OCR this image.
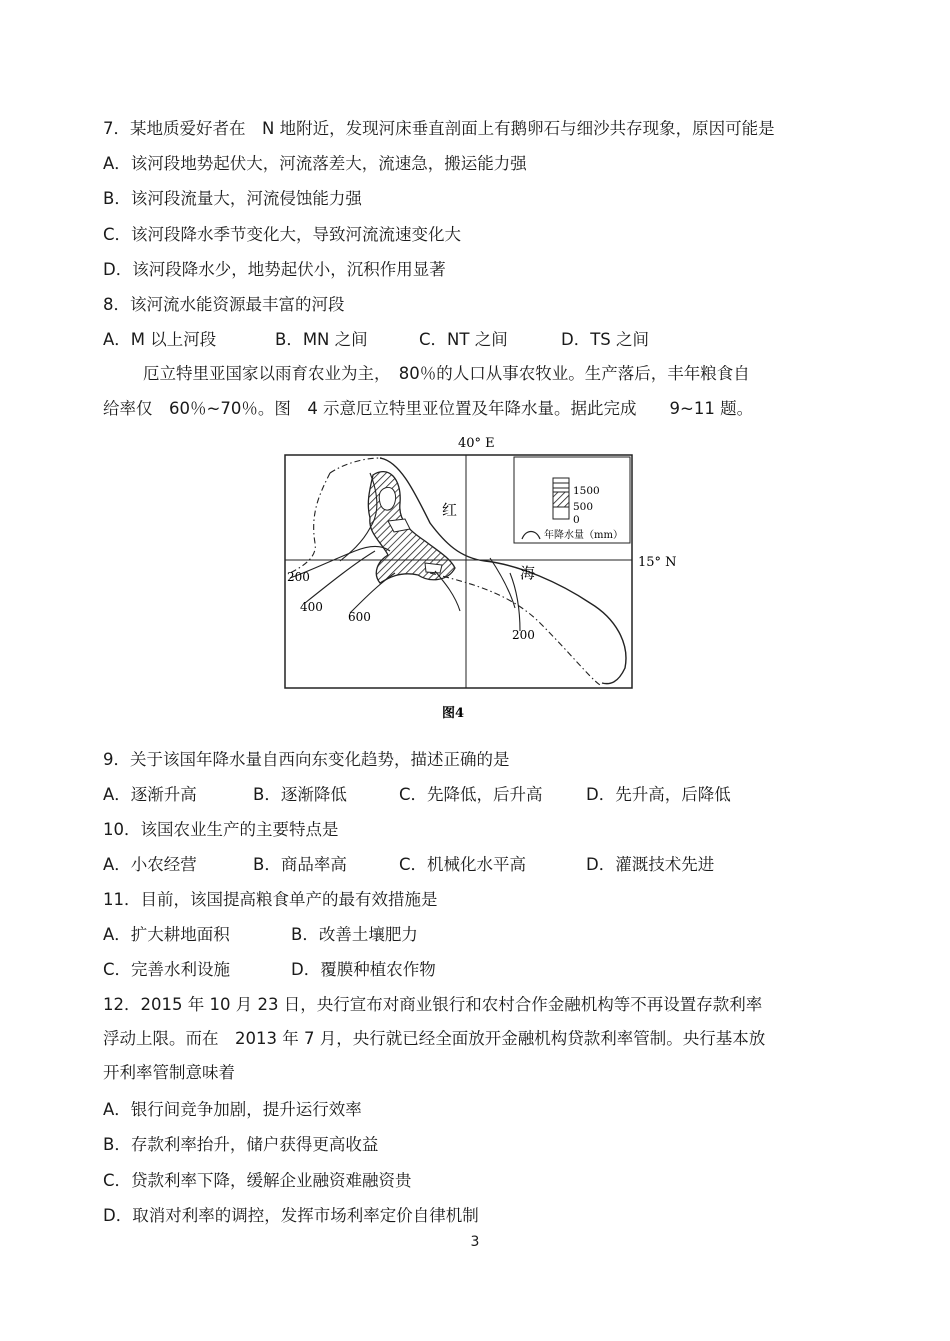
7．某地质爱好者在　N 地附近，发现河床垂直剖面上有鹅卵石与细沙共存现象，原因可能是
A．该河段地势起伏大，河流落差大，流速急，搬运能力强
B．该河段流量大，河流侵蚀能力强
C．该河段降水季节变化大，导致河流流速变化大
D．该河段降水少，地势起伏小，沉积作用显著
8．该河流水能资源最丰富的河段
A．M 以上河段	B．MN 之间	C．NT 之间	D．TS 之间
厄立特里亚国家以雨育农业为主，　80％的人口从事农牧业。生产落后，丰年粮食自
给率仅　60％~70％。图　4 示意厄立特里亚位置及年降水量。据此完成　　9~11 题。
40° E
15° N
200
400
600
200
红
海
1500
500
0
年降水量（mm）
图4
9．关于该国年降水量自西向东变化趋势，描述正确的是
A．逐渐升高	B．逐渐降低	C．先降低，后升高	D．先升高，后降低
10．该国农业生产的主要特点是
A．小农经营	B．商品率高	C．机械化水平高	D．灌溉技术先进
11．目前，该国提高粮食单产的最有效措施是
A．扩大耕地面积	B．改善土壤肥力
C．完善水利设施	D．覆膜种植农作物
12．2015 年 10 月 23 日，央行宣布对商业银行和农村合作金融机构等不再设置存款利率
浮动上限。而在　2013 年 7 月，央行就已经全面放开金融机构贷款利率管制。央行基本放
开利率管制意味着
A．银行间竞争加剧，提升运行效率
B．存款利率抬升，储户获得更高收益
C．贷款利率下降，缓解企业融资难融资贵
D．取消对利率的调控，发挥市场利率定价自律机制
3
